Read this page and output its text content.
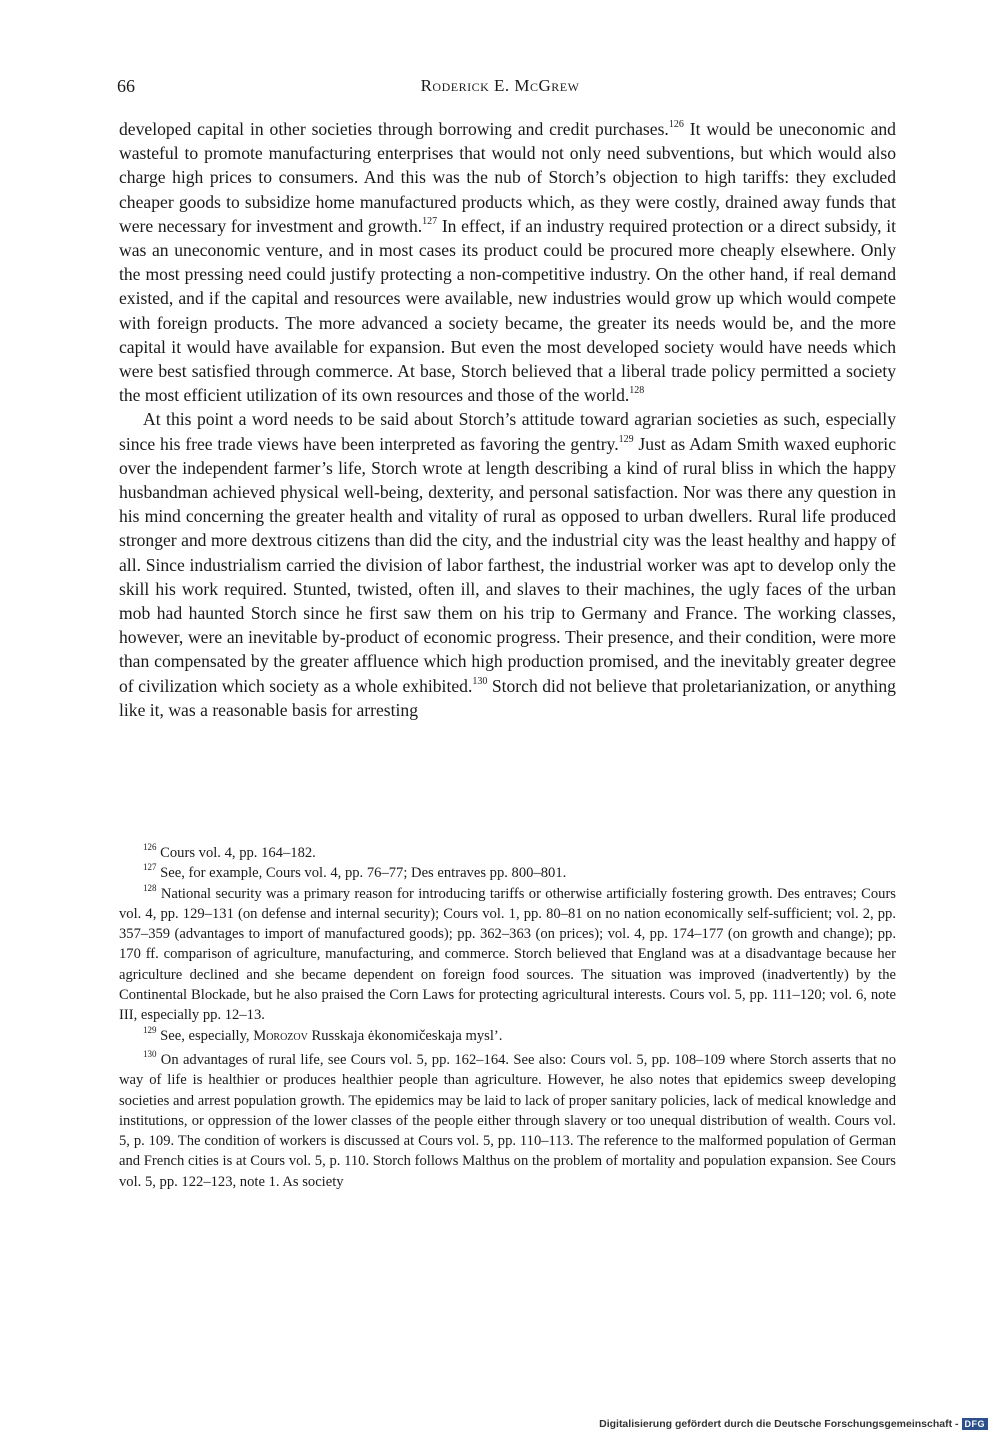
66	Roderick E. McGrew

developed capital in other societies through borrowing and credit purchases.$^{126}$ It would be uneconomic and wasteful to promote manufacturing enterprises that would not only need subventions, but which would also charge high prices to consumers. And this was the nub of Storch’s objection to high tariffs: they excluded cheaper goods to subsidize home manufactured products which, as they were costly, drained away funds that were necessary for investment and growth.$^{127}$ In effect, if an industry required protection or a direct subsidy, it was an uneconomic venture, and in most cases its product could be procured more cheaply elsewhere. Only the most pressing need could justify protecting a non-competitive industry. On the other hand, if real demand existed, and if the capital and resources were available, new industries would grow up which would compete with foreign products. The more advanced a society became, the greater its needs would be, and the more capital it would have available for expansion. But even the most developed society would have needs which were best satisfied through commerce. At base, Storch believed that a liberal trade policy permitted a society the most efficient utilization of its own resources and those of the world.$^{128}$

At this point a word needs to be said about Storch’s attitude toward agrarian societies as such, especially since his free trade views have been interpreted as favoring the gentry.$^{129}$ Just as Adam Smith waxed euphoric over the independent farmer’s life, Storch wrote at length describing a kind of rural bliss in which the happy husbandman achieved physical well-being, dexterity, and personal satisfaction. Nor was there any question in his mind concerning the greater health and vitality of rural as opposed to urban dwellers. Rural life produced stronger and more dextrous citizens than did the city, and the industrial city was the least healthy and happy of all. Since industrialism carried the division of labor farthest, the industrial worker was apt to develop only the skill his work required. Stunted, twisted, often ill, and slaves to their machines, the ugly faces of the urban mob had haunted Storch since he first saw them on his trip to Germany and France. The working classes, however, were an inevitable by-product of economic progress. Their presence, and their condition, were more than compensated by the greater affluence which high production promised, and the inevitably greater degree of civilization which society as a whole exhibited.$^{130}$ Storch did not believe that proletarianization, or anything like it, was a reasonable basis for arresting

$^{126}$ Cours vol. 4, pp. 164–182.

$^{127}$ See, for example, Cours vol. 4, pp. 76–77; Des entraves pp. 800–801.

$^{128}$ National security was a primary reason for introducing tariffs or otherwise artificially fostering growth. Des entraves; Cours vol. 4, pp. 129–131 (on defense and internal security); Cours vol. 1, pp. 80–81 on no nation economically self-sufficient; vol. 2, pp. 357–359 (advantages to import of manufactured goods); pp. 362–363 (on prices); vol. 4, pp. 174–177 (on growth and change); pp. 170 ff. comparison of agriculture, manufacturing, and commerce. Storch believed that England was at a disadvantage because her agriculture declined and she became dependent on foreign food sources. The situation was improved (inadvertently) by the Continental Blockade, but he also praised the Corn Laws for protecting agricultural interests. Cours vol. 5, pp. 111–120; vol. 6, note III, especially pp. 12–13.

$^{129}$ See, especially, Morozov Russkaja ėkonomičeskaja mysl’.

$^{130}$ On advantages of rural life, see Cours vol. 5, pp. 162–164. See also: Cours vol. 5, pp. 108–109 where Storch asserts that no way of life is healthier or produces healthier people than agriculture. However, he also notes that epidemics sweep developing societies and arrest population growth. The epidemics may be laid to lack of proper sanitary policies, lack of medical knowledge and institutions, or oppression of the lower classes of the people either through slavery or too unequal distribution of wealth. Cours vol. 5, p. 109. The condition of workers is discussed at Cours vol. 5, pp. 110–113. The reference to the malformed population of German and French cities is at Cours vol. 5, p. 110. Storch follows Malthus on the problem of mortality and population expansion. See Cours vol. 5, pp. 122–123, note 1. As society

Digitalisierung gefördert durch die Deutsche Forschungsgemeinschaft - DFG
